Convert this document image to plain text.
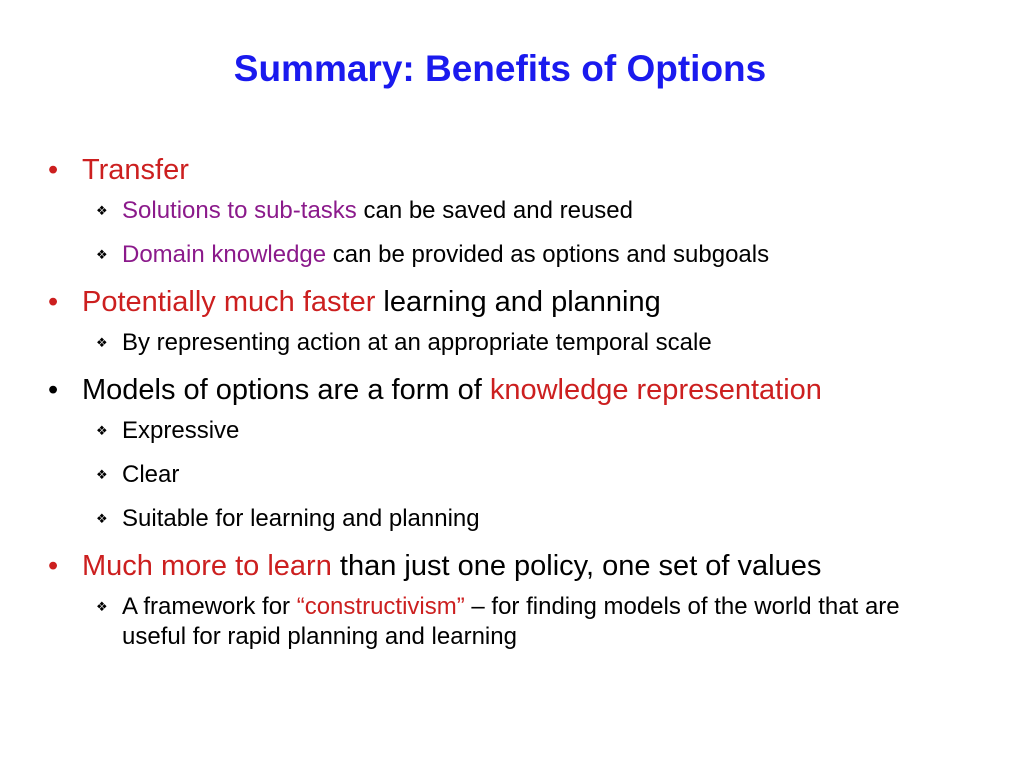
Summary: Benefits of Options
• Transfer
❖ Solutions to sub-tasks can be saved and reused
❖ Domain knowledge can be provided as options and subgoals
• Potentially much faster learning and planning
❖ By representing action at an appropriate temporal scale
• Models of options are a form of knowledge representation
❖ Expressive
❖ Clear
❖ Suitable for learning and planning
• Much more to learn than just one policy, one set of values
❖ A framework for “constructivism” – for finding models of the world that are useful for rapid planning and learning
